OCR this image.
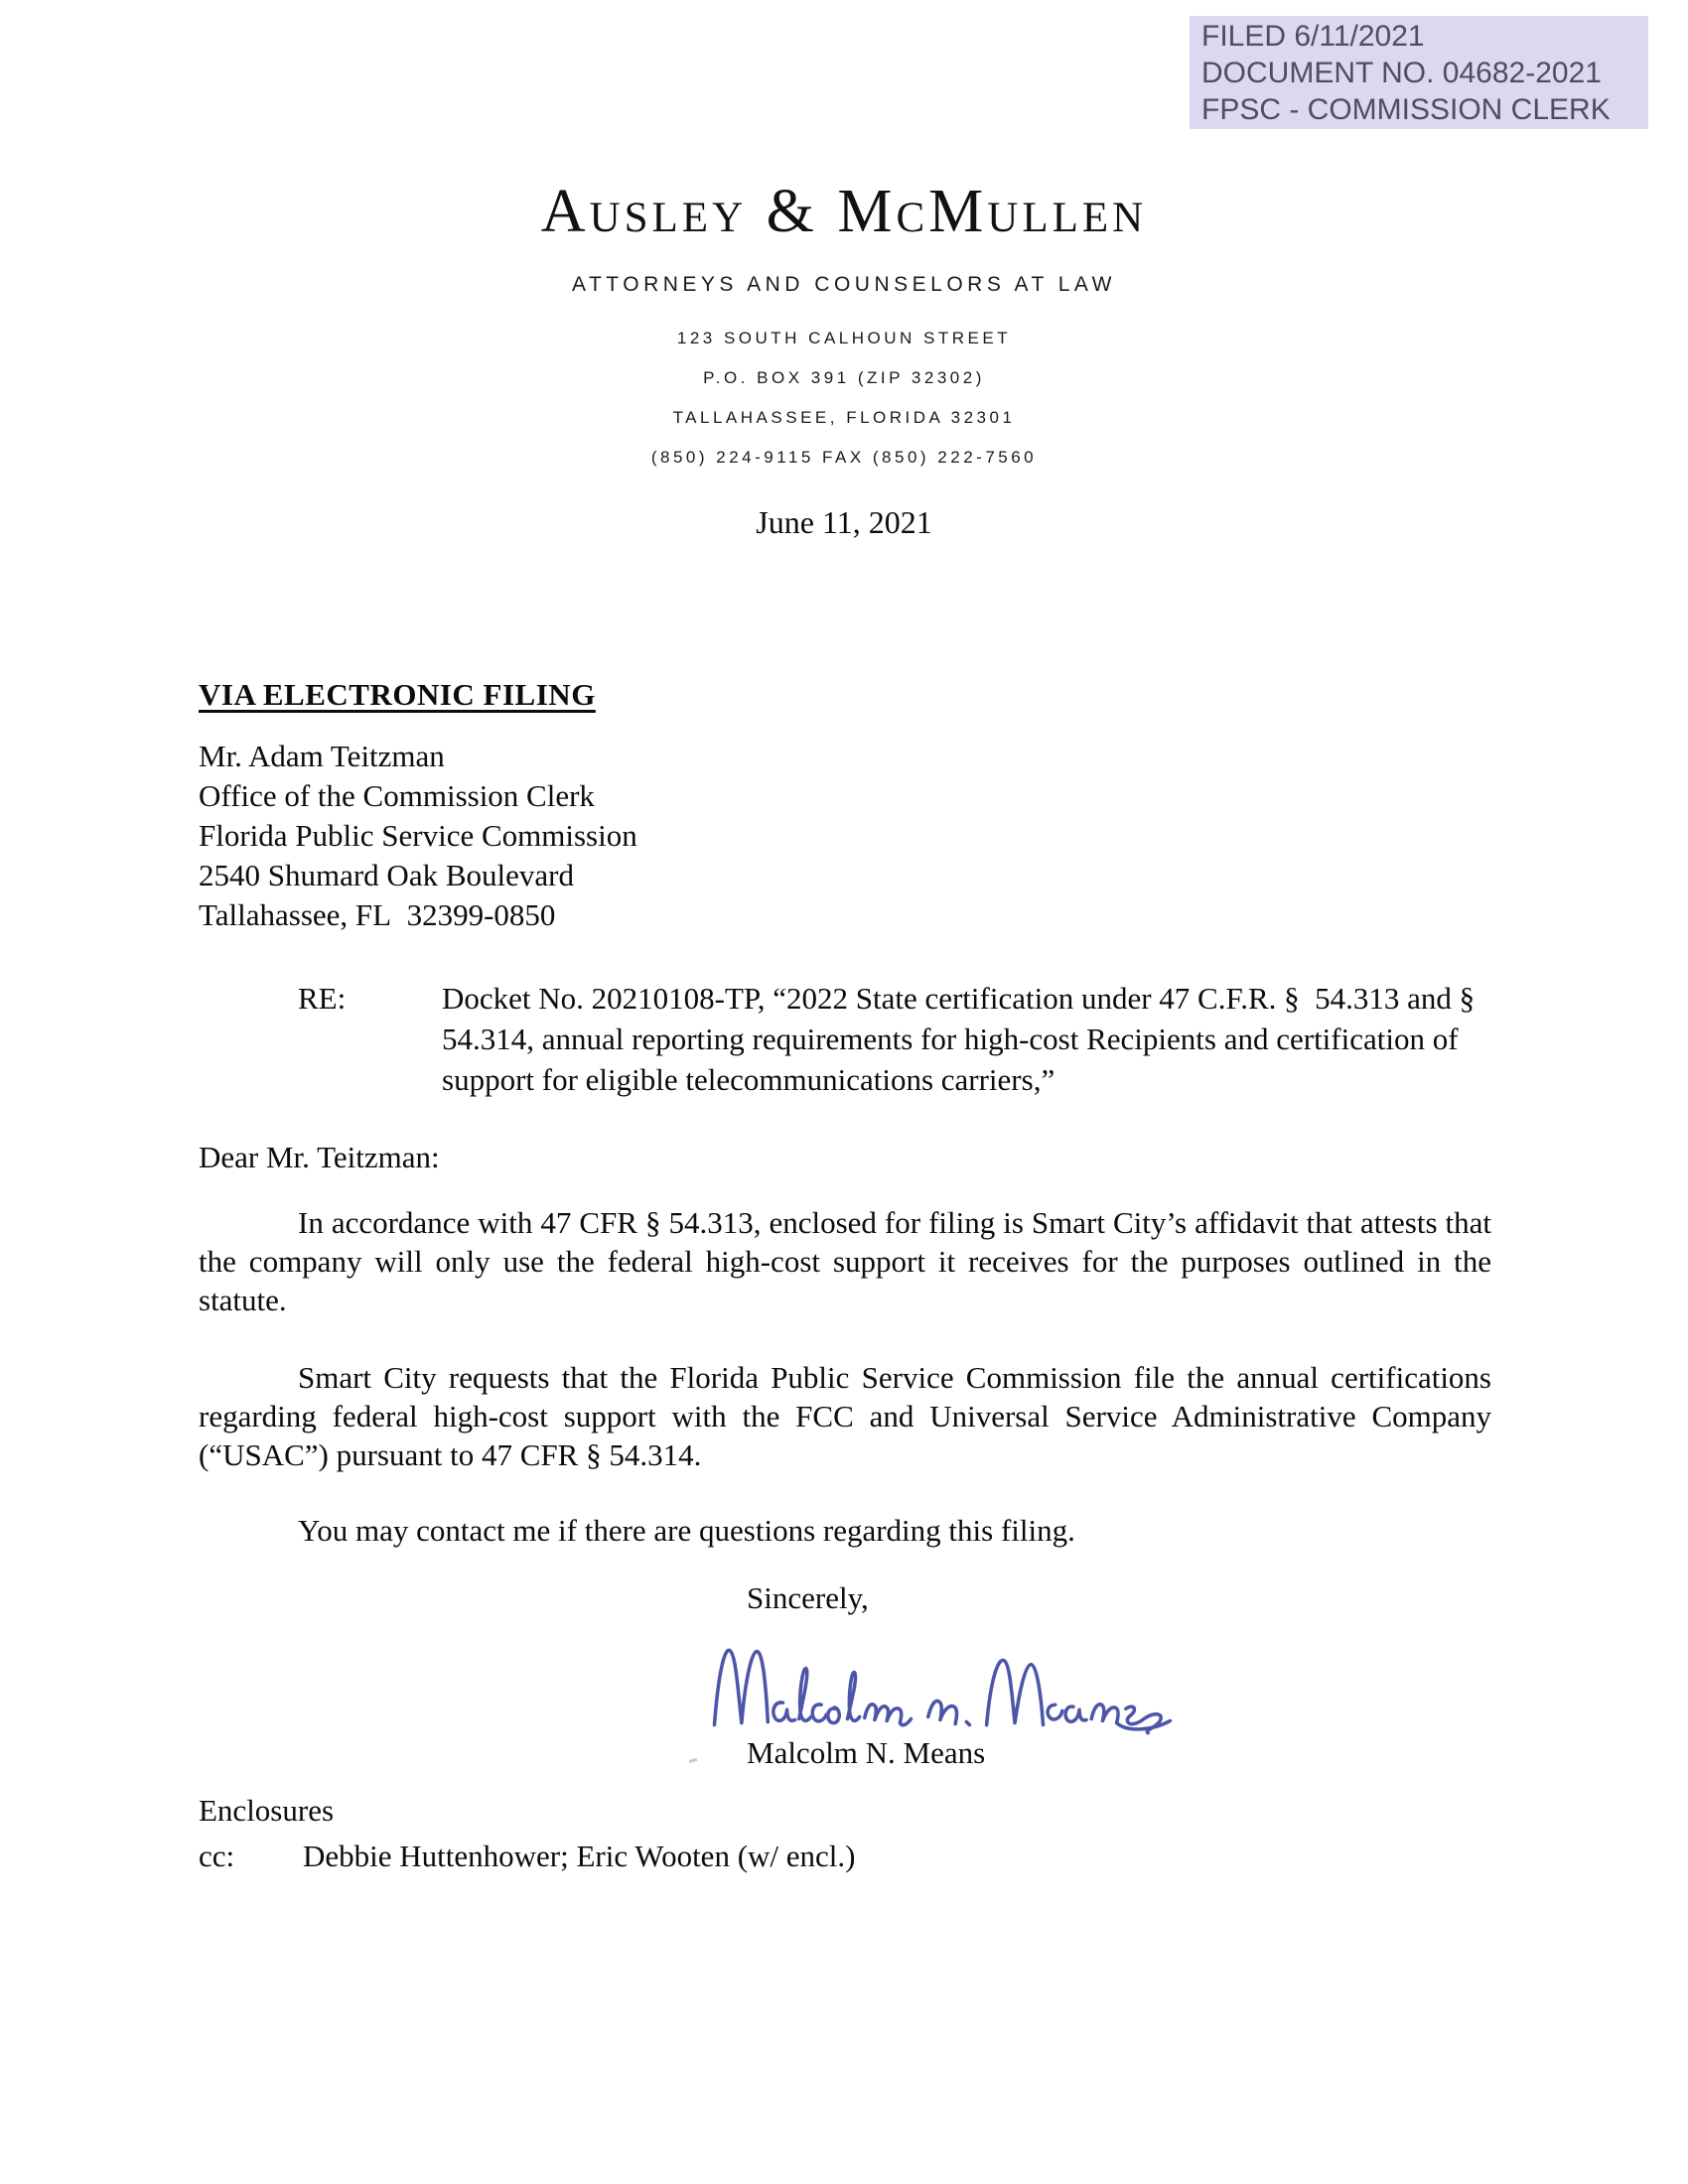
FILED 6/11/2021
DOCUMENT NO. 04682-2021
FPSC - COMMISSION CLERK
Ausley & McMullen
ATTORNEYS AND COUNSELORS AT LAW
123 SOUTH CALHOUN STREET
P.O. BOX 391 (ZIP 32302)
TALLAHASSEE, FLORIDA 32301
(850) 224-9115 FAX (850) 222-7560
June 11, 2021
VIA ELECTRONIC FILING
Mr. Adam Teitzman
Office of the Commission Clerk
Florida Public Service Commission
2540 Shumard Oak Boulevard
Tallahassee, FL  32399-0850
RE:	Docket No. 20210108-TP, “2022 State certification under 47 C.F.R. §  54.313 and § 54.314, annual reporting requirements for high-cost Recipients and certification of support for eligible telecommunications carriers,”
Dear Mr. Teitzman:
In accordance with 47 CFR § 54.313, enclosed for filing is Smart City’s affidavit that attests that the company will only use the federal high-cost support it receives for the purposes outlined in the statute.
Smart City requests that the Florida Public Service Commission file the annual certifications regarding federal high-cost support with the FCC and Universal Service Administrative Company (“USAC”) pursuant to 47 CFR § 54.314.
You may contact me if there are questions regarding this filing.
Sincerely,
Malcolm N. Means
Enclosures
cc: Debbie Huttenhower; Eric Wooten (w/ encl.)
